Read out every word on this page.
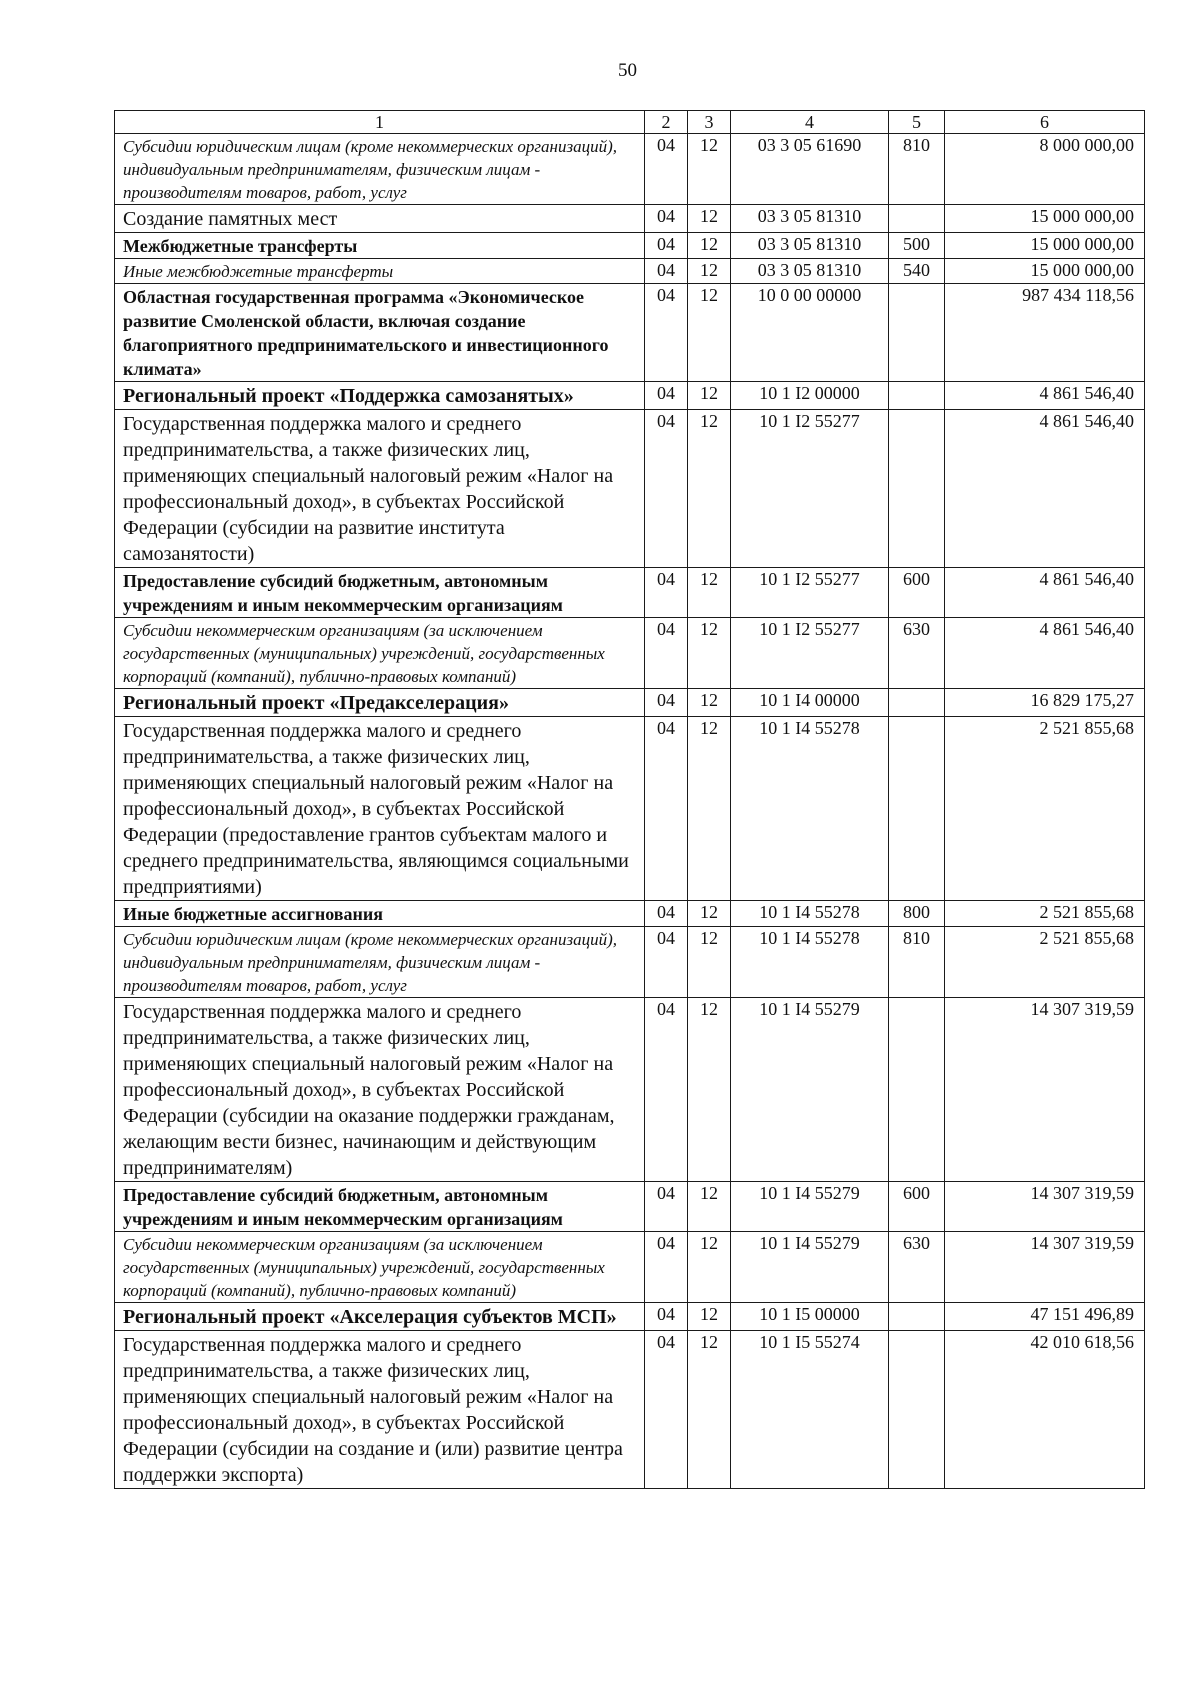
50
1	2	3	4	5	6
Субсидии юридическим лицам (кроме некоммерческих организаций), индивидуальным предпринимателям, физическим лицам - производителям товаров, работ, услуг	04	12	03 3 05 61690	810	8 000 000,00
Создание памятных мест	04	12	03 3 05 81310		15 000 000,00
Межбюджетные трансферты	04	12	03 3 05 81310	500	15 000 000,00
Иные межбюджетные трансферты	04	12	03 3 05 81310	540	15 000 000,00
Областная государственная программа «Экономическое развитие Смоленской области, включая создание благоприятного предпринимательского и инвестиционного климата»	04	12	10 0 00 00000		987 434 118,56
Региональный проект «Поддержка самозанятых»	04	12	10 1 I2 00000		4 861 546,40
Государственная поддержка малого и среднего предпринимательства, а также физических лиц, применяющих специальный налоговый режим «Налог на профессиональный доход», в субъектах Российской Федерации (субсидии на развитие института самозанятости)	04	12	10 1 I2 55277		4 861 546,40
Предоставление субсидий бюджетным, автономным учреждениям и иным некоммерческим организациям	04	12	10 1 I2 55277	600	4 861 546,40
Субсидии некоммерческим организациям (за исключением государственных (муниципальных) учреждений, государственных корпораций (компаний), публично-правовых компаний)	04	12	10 1 I2 55277	630	4 861 546,40
Региональный проект «Предакселерация»	04	12	10 1 I4 00000		16 829 175,27
Государственная поддержка малого и среднего предпринимательства, а также физических лиц, применяющих специальный налоговый режим «Налог на профессиональный доход», в субъектах Российской Федерации (предоставление грантов субъектам малого и среднего предпринимательства, являющимся социальными предприятиями)	04	12	10 1 I4 55278		2 521 855,68
Иные бюджетные ассигнования	04	12	10 1 I4 55278	800	2 521 855,68
Субсидии юридическим лицам (кроме некоммерческих организаций), индивидуальным предпринимателям, физическим лицам - производителям товаров, работ, услуг	04	12	10 1 I4 55278	810	2 521 855,68
Государственная поддержка малого и среднего предпринимательства, а также физических лиц, применяющих специальный налоговый режим «Налог на профессиональный доход», в субъектах Российской Федерации (субсидии на оказание поддержки гражданам, желающим вести бизнес, начинающим и действующим предпринимателям)	04	12	10 1 I4 55279		14 307 319,59
Предоставление субсидий бюджетным, автономным учреждениям и иным некоммерческим организациям	04	12	10 1 I4 55279	600	14 307 319,59
Субсидии некоммерческим организациям (за исключением государственных (муниципальных) учреждений, государственных корпораций (компаний), публично-правовых компаний)	04	12	10 1 I4 55279	630	14 307 319,59
Региональный проект «Акселерация субъектов МСП»	04	12	10 1 I5 00000		47 151 496,89
Государственная поддержка малого и среднего предпринимательства, а также физических лиц, применяющих специальный налоговый режим «Налог на профессиональный доход», в субъектах Российской Федерации (субсидии на создание и (или) развитие центра поддержки экспорта)	04	12	10 1 I5 55274		42 010 618,56
